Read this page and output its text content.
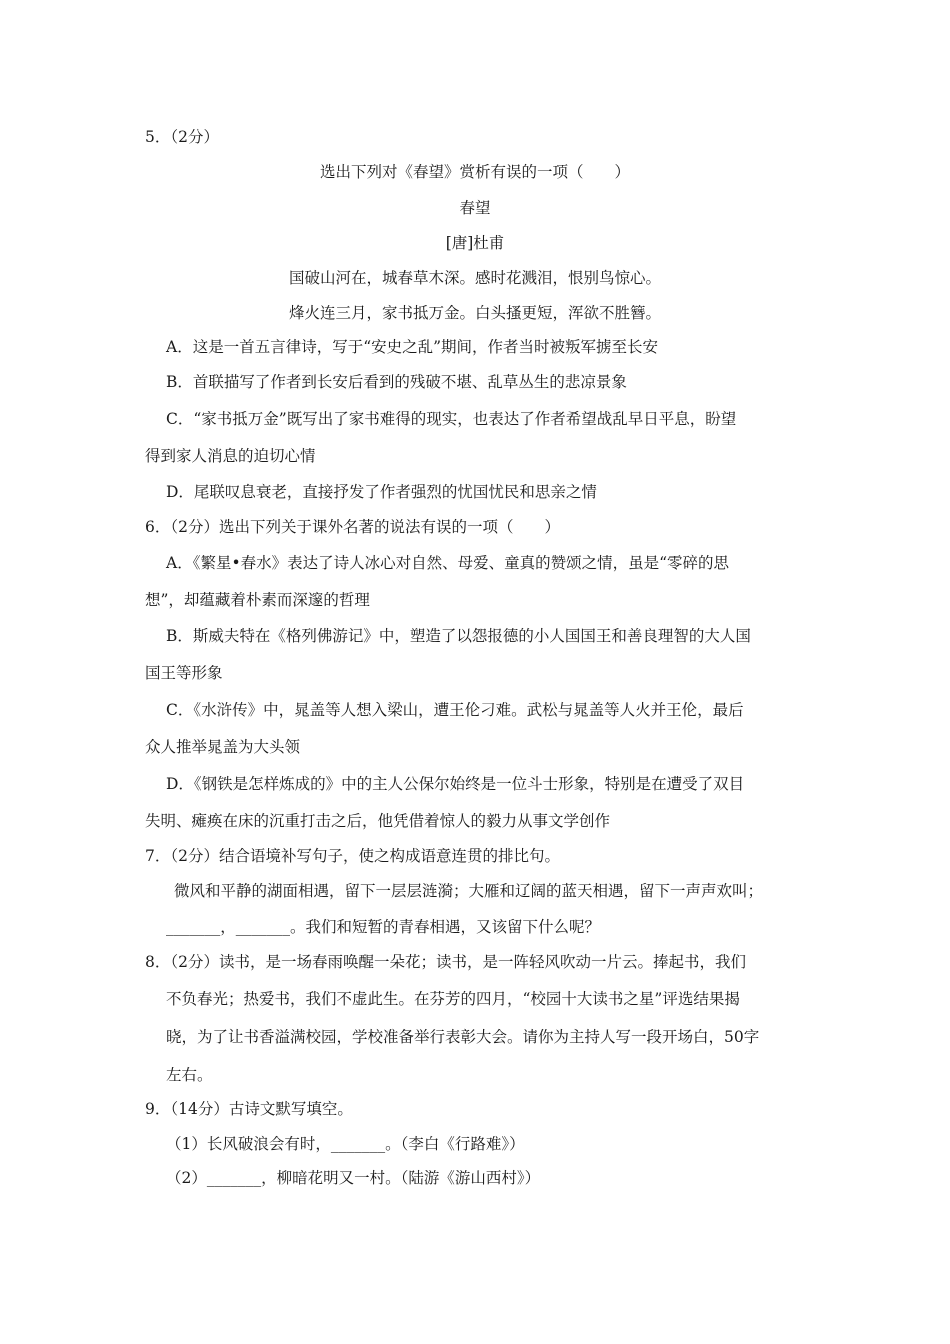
5．（2分）
选出下列对《春望》赏析有误的一项（　　）
春望
[唐]杜甫
国破山河在，城春草木深。感时花溅泪，恨别鸟惊心。
烽火连三月，家书抵万金。白头搔更短，浑欲不胜簪。
A．这是一首五言律诗，写于“安史之乱”期间，作者当时被叛军掳至长安
B．首联描写了作者到长安后看到的残破不堪、乱草丛生的悲凉景象
C．“家书抵万金”既写出了家书难得的现实，也表达了作者希望战乱早日平息，盼望
得到家人消息的迫切心情
D．尾联叹息衰老，直接抒发了作者强烈的忧国忧民和思亲之情
6．（2分）选出下列关于课外名著的说法有误的一项（　　）
A．《繁星•春水》表达了诗人冰心对自然、母爱、童真的赞颂之情，虽是“零碎的思
想”，却蕴藏着朴素而深邃的哲理
B．斯威夫特在《格列佛游记》中，塑造了以怨报德的小人国国王和善良理智的大人国
国王等形象
C．《水浒传》中，晁盖等人想入梁山，遭王伦刁难。武松与晁盖等人火并王伦，最后
众人推举晁盖为大头领
D．《钢铁是怎样炼成的》中的主人公保尔始终是一位斗士形象，特别是在遭受了双目
失明、瘫痪在床的沉重打击之后，他凭借着惊人的毅力从事文学创作
7．（2分）结合语境补写句子，使之构成语意连贯的排比句。
微风和平静的湖面相遇，留下一层层涟漪；大雁和辽阔的蓝天相遇，留下一声声欢叫；
_______，_______。我们和短暂的青春相遇，又该留下什么呢？
8．（2分）读书，是一场春雨唤醒一朵花；读书，是一阵轻风吹动一片云。捧起书，我们
不负春光；热爱书，我们不虚此生。在芬芳的四月，“校园十大读书之星”评选结果揭
晓，为了让书香溢满校园，学校准备举行表彰大会。请你为主持人写一段开场白，50字
左右。
9．（14分）古诗文默写填空。
（1）长风破浪会有时，_______。（李白《行路难》）
（2）_______，柳暗花明又一村。（陆游《游山西村》）
